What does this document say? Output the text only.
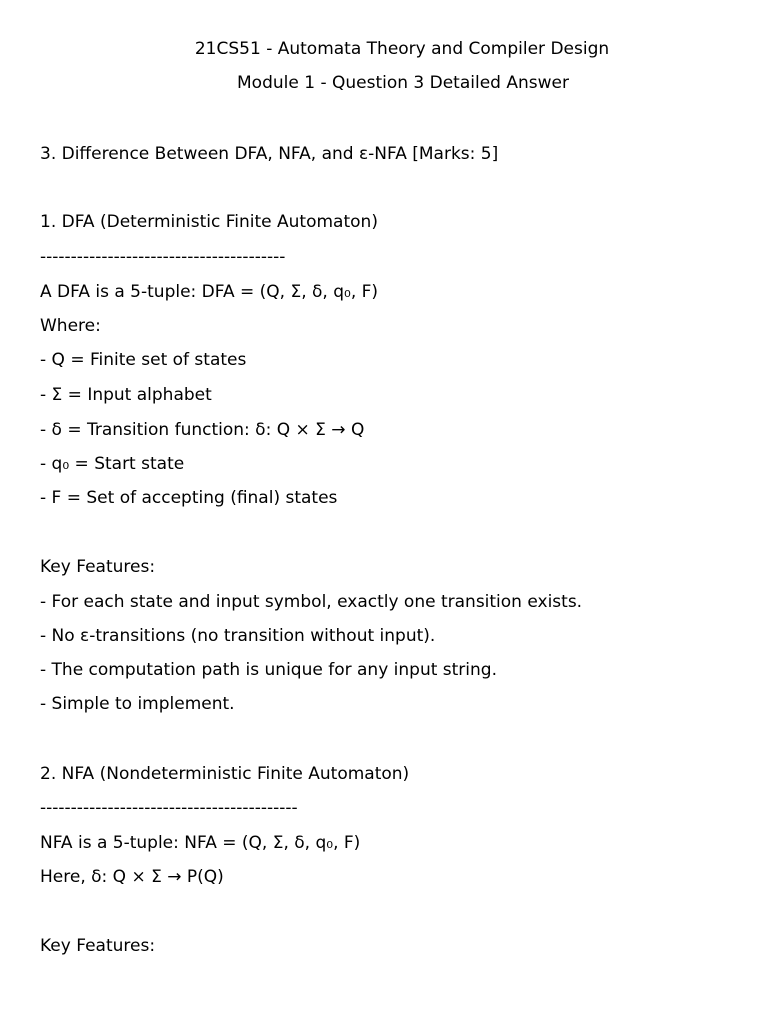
21CS51 - Automata Theory and Compiler Design
Module 1 - Question 3 Detailed Answer
3. Difference Between DFA, NFA, and ε-NFA [Marks: 5]
1. DFA (Deterministic Finite Automaton)
----------------------------------------
A DFA is a 5-tuple: DFA = (Q, Σ, δ, q₀, F)
Where:
- Q = Finite set of states
- Σ = Input alphabet
- δ = Transition function: δ: Q × Σ → Q
- q₀ = Start state
- F = Set of accepting (final) states
Key Features:
- For each state and input symbol, exactly one transition exists.
- No ε-transitions (no transition without input).
- The computation path is unique for any input string.
- Simple to implement.
2. NFA (Nondeterministic Finite Automaton)
------------------------------------------
NFA is a 5-tuple: NFA = (Q, Σ, δ, q₀, F)
Here, δ: Q × Σ → P(Q)
Key Features:
